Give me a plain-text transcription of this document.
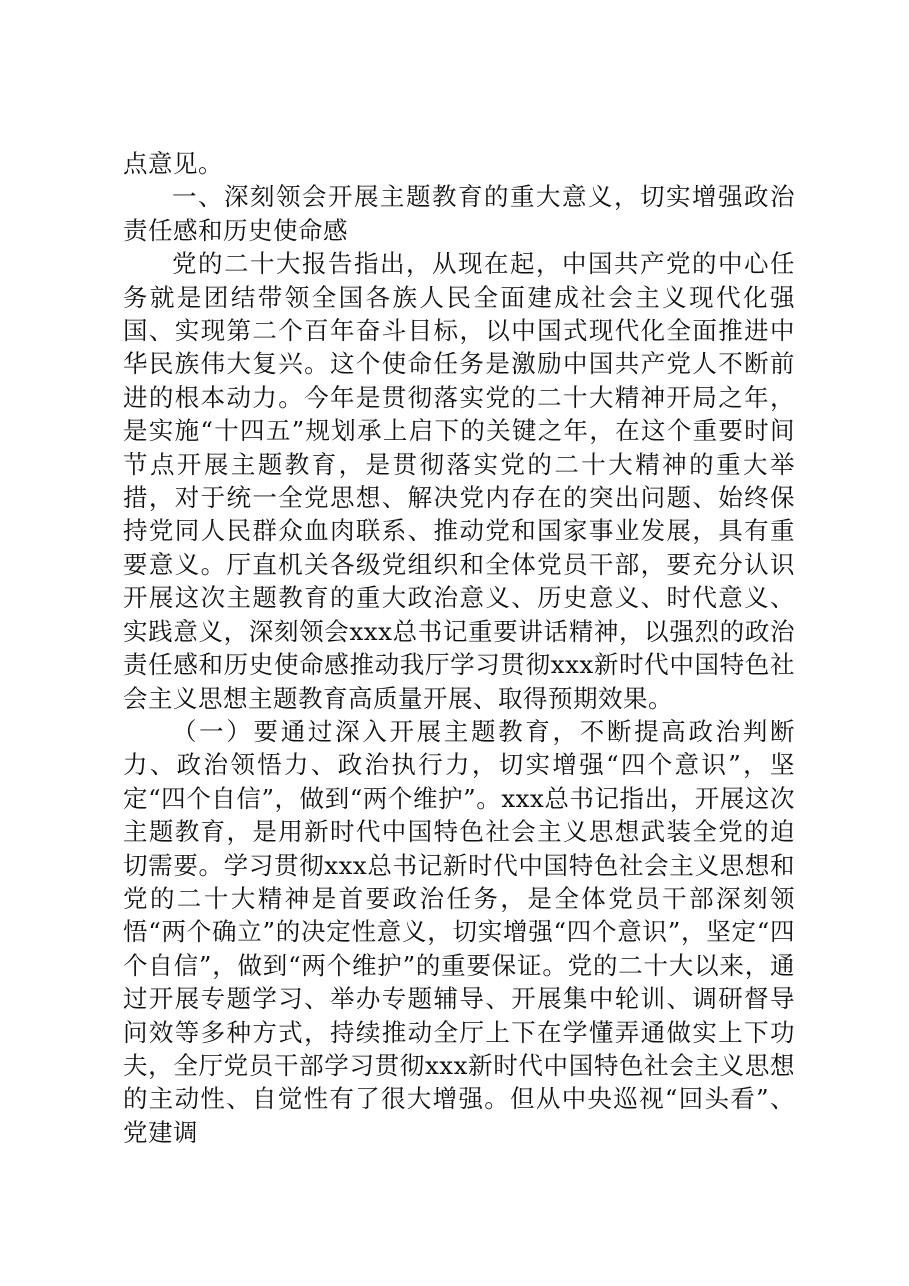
点意见。

一、深刻领会开展主题教育的重大意义，切实增强政治责任感和历史使命感

党的二十大报告指出，从现在起，中国共产党的中心任务就是团结带领全国各族人民全面建成社会主义现代化强国、实现第二个百年奋斗目标，以中国式现代化全面推进中华民族伟大复兴。这个使命任务是激励中国共产党人不断前进的根本动力。今年是贯彻落实党的二十大精神开局之年，是实施“十四五”规划承上启下的关键之年，在这个重要时间节点开展主题教育，是贯彻落实党的二十大精神的重大举措，对于统一全党思想、解决党内存在的突出问题、始终保持党同人民群众血肉联系、推动党和国家事业发展，具有重要意义。厅直机关各级党组织和全体党员干部，要充分认识开展这次主题教育的重大政治意义、历史意义、时代意义、实践意义，深刻领会xxx总书记重要讲话精神，以强烈的政治责任感和历史使命感推动我厅学习贯彻xxx新时代中国特色社会主义思想主题教育高质量开展、取得预期效果。

（一）要通过深入开展主题教育，不断提高政治判断力、政治领悟力、政治执行力，切实增强“四个意识”，坚定“四个自信”，做到“两个维护”。xxx总书记指出，开展这次主题教育，是用新时代中国特色社会主义思想武装全党的迫切需要。学习贯彻xxx总书记新时代中国特色社会主义思想和党的二十大精神是首要政治任务，是全体党员干部深刻领悟“两个确立”的决定性意义，切实增强“四个意识”，坚定“四个自信”，做到“两个维护”的重要保证。党的二十大以来，通过开展专题学习、举办专题辅导、开展集中轮训、调研督导问效等多种方式，持续推动全厅上下在学懂弄通做实上下功夫，全厅党员干部学习贯彻xxx新时代中国特色社会主义思想的主动性、自觉性有了很大增强。但从中央巡视“回头看”、党建调
